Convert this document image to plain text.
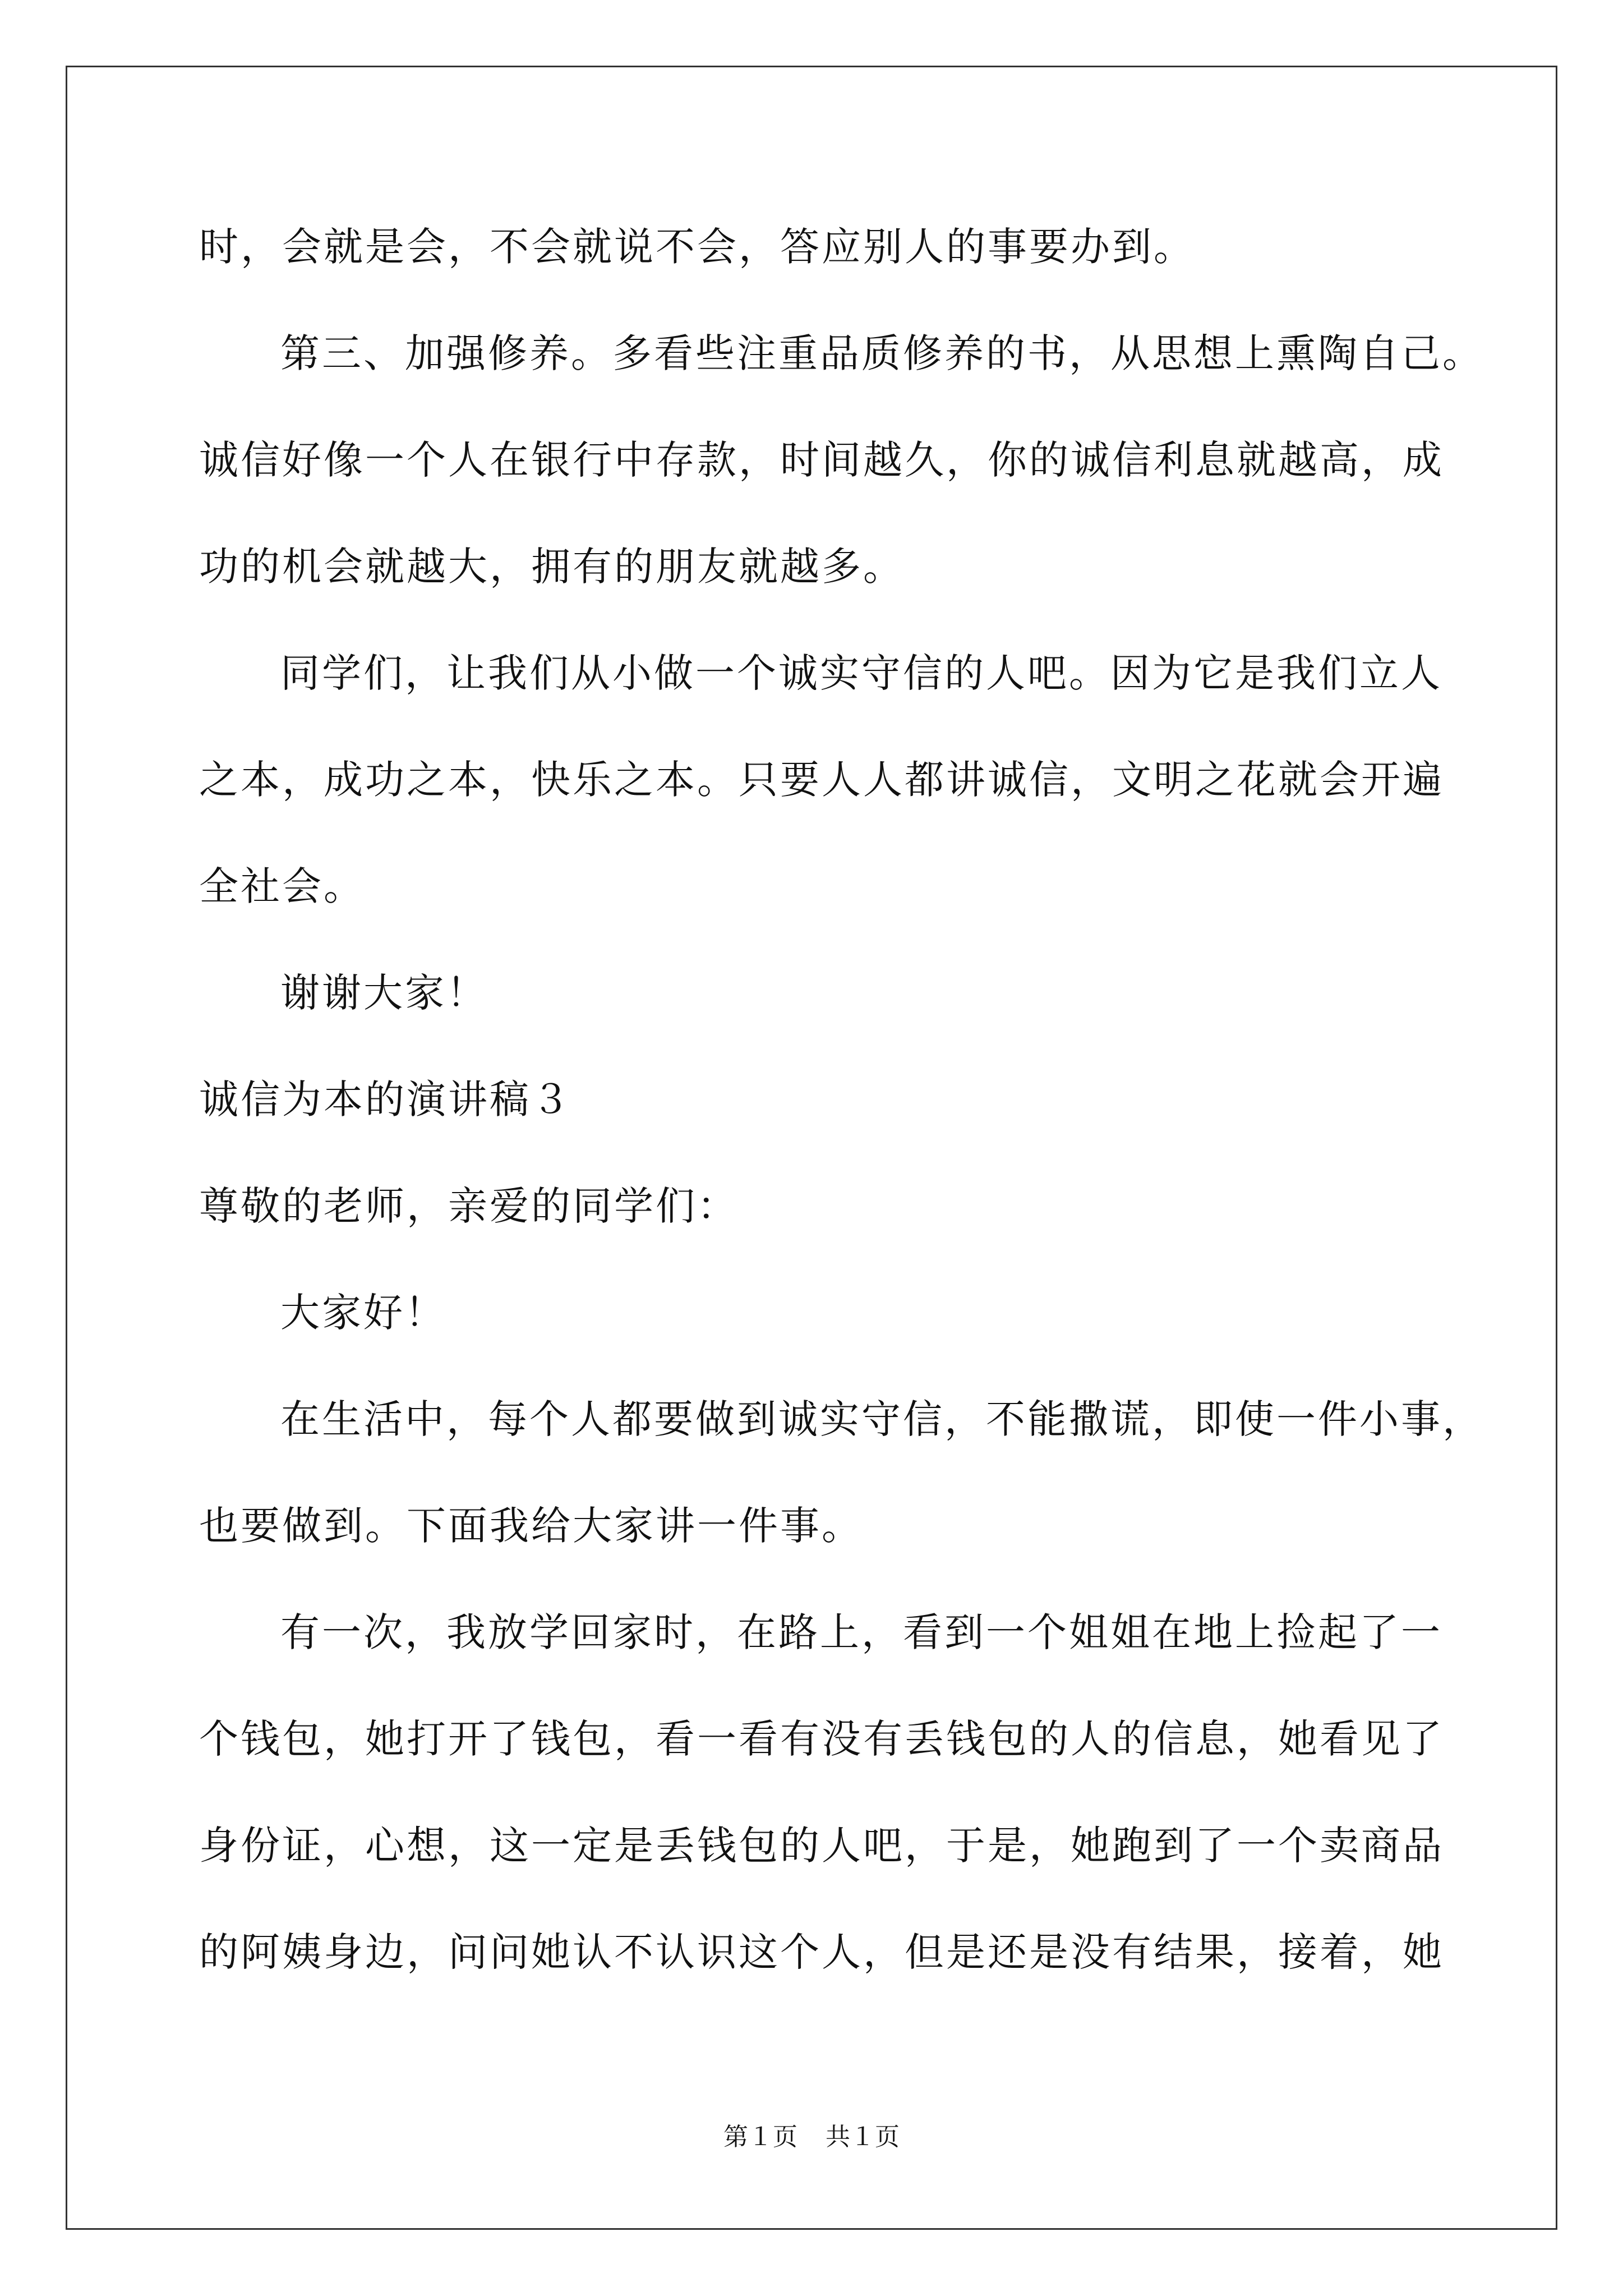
时，会就是会，不会就说不会，答应别人的事要办到。
第三、加强修养。多看些注重品质修养的书，从思想上熏陶自己。
诚信好像一个人在银行中存款，时间越久，你的诚信利息就越高，成
功的机会就越大，拥有的朋友就越多。
同学们，让我们从小做一个诚实守信的人吧。因为它是我们立人
之本，成功之本，快乐之本。只要人人都讲诚信，文明之花就会开遍
全社会。
谢谢大家！
诚信为本的演讲稿３
尊敬的老师，亲爱的同学们：
大家好！
在生活中，每个人都要做到诚实守信，不能撒谎，即使一件小事，
也要做到。下面我给大家讲一件事。
有一次，我放学回家时，在路上，看到一个姐姐在地上捡起了一
个钱包，她打开了钱包，看一看有没有丢钱包的人的信息，她看见了
身份证，心想，这一定是丢钱包的人吧，于是，她跑到了一个卖商品
的阿姨身边，问问她认不认识这个人，但是还是没有结果，接着，她
第１页 共１页
